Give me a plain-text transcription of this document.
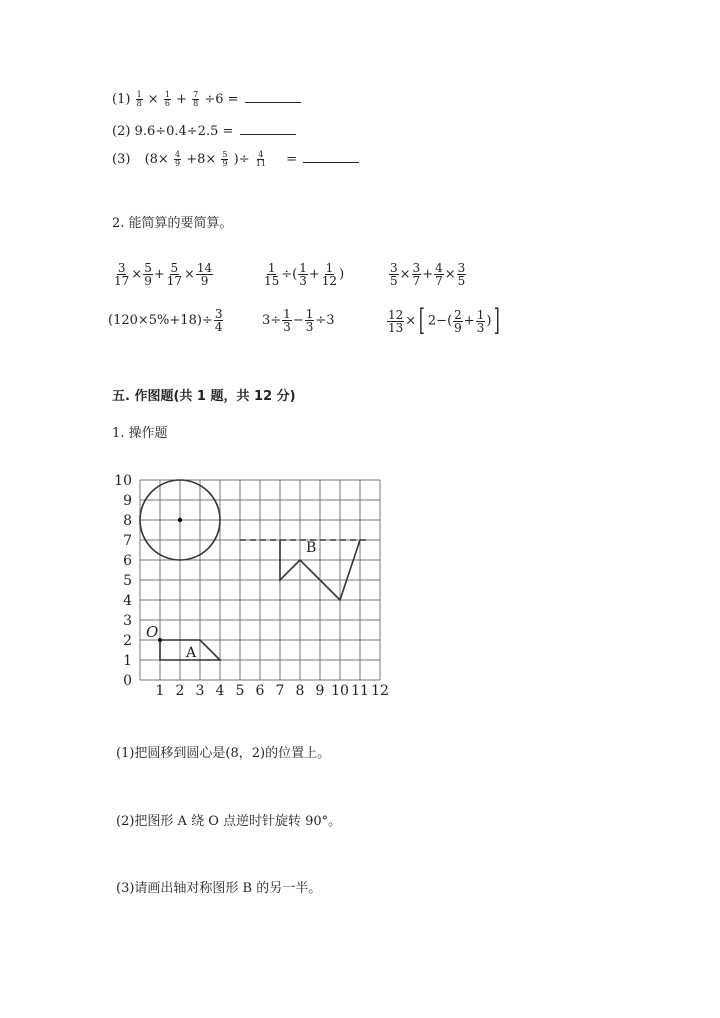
$(1) \frac{1}{8} \times \frac{1}{6} + \frac{7}{8} \div 6$ =
(2) 9.6÷0.4÷2.5 =
(3) ($8\times \frac{4}{9} +8\times \frac{5}{9}$ )÷ $\frac{4}{11}$ =
2. 能简算的要简算。
$\frac{3}{17} \times \frac{5}{9} + \frac{5}{17} \times \frac{14}{9}$	$\frac{1}{15}$ ÷( $\frac{1}{3} + \frac{1}{12}$ )	$\frac{3}{5} \times \frac{3}{7} + \frac{4}{7} \times \frac{3}{5}$
$(120\times 5\%+18)\div \frac{3}{4}$	$3\div \frac{1}{3} - \frac{1}{3} \div 3$	$\frac{12}{13}$ ×[ $2-( \frac{2}{9} + \frac{1}{3}$ )]
五. 作图题(共 1 题，共 12 分)
1. 操作题
1 2 3 4 5 6 7 8 9 10 11 12
0
1
2
3
4
5
6
7
8
9
10
O
A
B
(1)把圆移到圆心是(8，2)的位置上。
(2)把图形 A 绕 O 点逆时针旋转 90°。
(3)请画出轴对称图形 B 的另一半。
